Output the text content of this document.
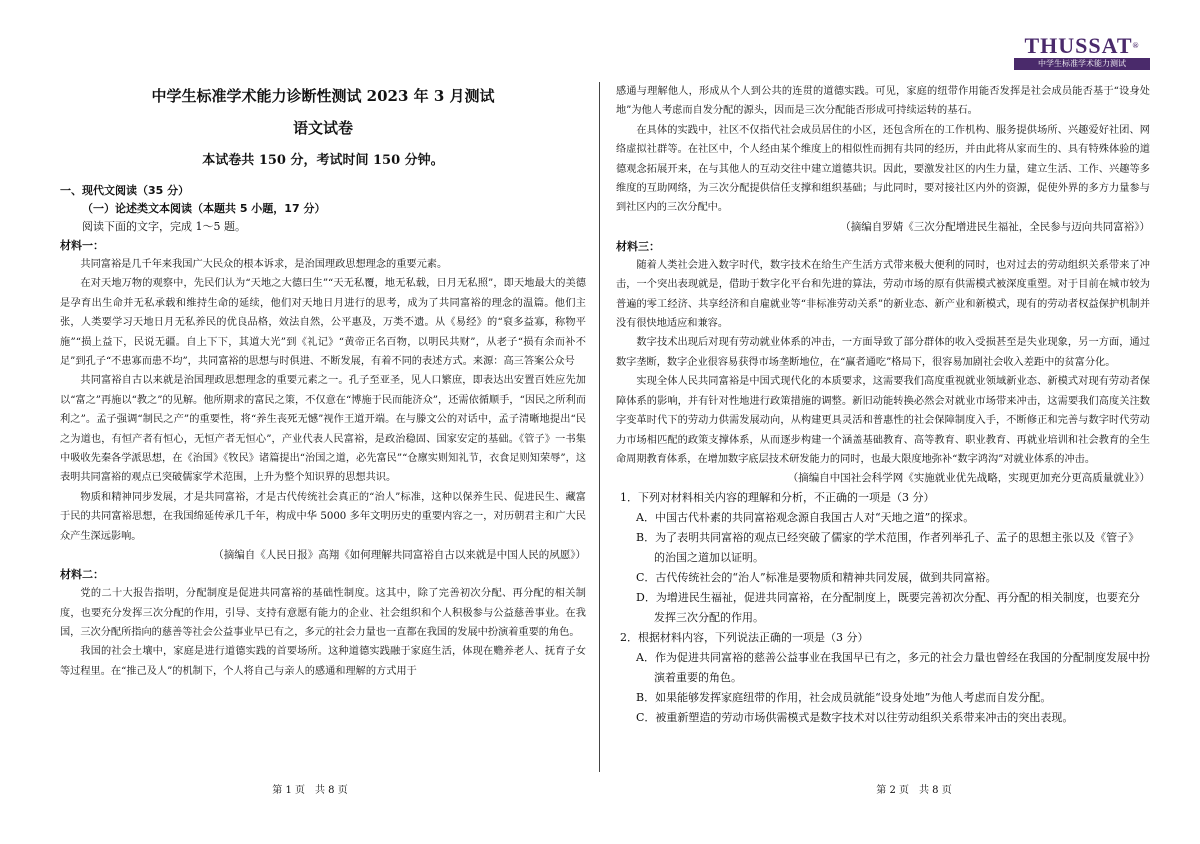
THUSSAT®
中学生标准学术能力测试

中学生标准学术能力诊断性测试 2023 年 3 月测试

语文试卷

本试卷共 150 分，考试时间 150 分钟。

一、现代文阅读（35 分）

（一）论述类文本阅读（本题共 5 小题，17 分）

阅读下面的文字，完成 1～5 题。

材料一：

共同富裕是几千年来我国广大民众的根本诉求，是治国理政思想理念的重要元素。

在对天地万物的观察中，先民们认为“天地之大德曰生”“天无私覆，地无私载，日月无私照”，即天地最大的美德是孕育出生命并无私承载和维持生命的延续，他们对天地日月进行的思考，成为了共同富裕的理念的温篇。他们主张，人类要学习天地日月无私养民的优良品格，效法自然，公平惠及，万类不遗。从《易经》的“裒多益寡，称物平施”“损上益下，民说无疆。自上下下，其道大光”到《礼记》“黄帝正名百物，以明民共财”，从老子“损有余而补不足”到孔子“不患寡而患不均”，共同富裕的思想与时俱进、不断发展，有着不同的表述方式。来源：高三答案公众号

共同富裕自古以来就是治国理政思想理念的重要元素之一。孔子至亚圣，见人口繁庶，即表达出安置百姓应先加以“富之”再施以“教之”的见解。他所期求的富民之策，不仅意在“博施于民而能济众”，还需依循顺手，“因民之所利而利之”。孟子强调“制民之产”的重要性，将“养生丧死无憾”视作王道开端。在与滕文公的对话中，孟子清晰地提出“民之为道也，有恒产者有恒心，无恒产者无恒心”，产业代表人民富裕，是政治稳固、国家安定的基础。《管子》一书集中吸收先秦各学派思想，在《治国》《牧民》诸篇提出“治国之道，必先富民”“仓廪实则知礼节，衣食足则知荣辱”，这表明共同富裕的观点已突破儒家学术范围，上升为整个知识界的思想共识。

物质和精神同步发展，才是共同富裕，才是古代传统社会真正的“治人”标准，这种以保养生民、促进民生、藏富于民的共同富裕思想，在我国绵延传承几千年，构成中华 5000 多年文明历史的重要内容之一，对历朝君主和广大民众产生深远影响。

（摘编自《人民日报》高翔《如何理解共同富裕自古以来就是中国人民的夙愿》）

材料二：

党的二十大报告指明，分配制度是促进共同富裕的基础性制度。这其中，除了完善初次分配、再分配的相关制度，也要充分发挥三次分配的作用，引导、支持有意愿有能力的企业、社会组织和个人积极参与公益慈善事业。在我国，三次分配所指向的慈善等社会公益事业早已有之，多元的社会力量也一直都在我国的发展中扮演着重要的角色。

我国的社会土壤中，家庭是进行道德实践的首要场所。这种道德实践融于家庭生活，体现在赡养老人、抚育子女等过程里。在“推己及人”的机制下，个人将自己与亲人的感通和理解的方式用于

感通与理解他人，形成从个人到公共的连贯的道德实践。可见，家庭的纽带作用能否发挥是社会成员能否基于“设身处地”为他人考虑而自发分配的源头，因而是三次分配能否形成可持续运转的基石。

在具体的实践中，社区不仅指代社会成员居住的小区，还包含所在的工作机构、服务提供场所、兴趣爱好社团、网络虚拟社群等。在社区中，个人经由某个维度上的相似性而拥有共同的经历，并由此将从家而生的、具有特殊体验的道德观念拓展开来，在与其他人的互动交往中建立道德共识。因此，要激发社区的内生力量，建立生活、工作、兴趣等多维度的互助网络，为三次分配提供信任支撑和组织基础；与此同时，要对接社区内外的资源，促使外界的多方力量参与到社区内的三次分配中。

（摘编自罗婧《三次分配增进民生福祉，全民参与迈向共同富裕》）

材料三：

随着人类社会进入数字时代，数字技术在给生产生活方式带来极大便利的同时，也对过去的劳动组织关系带来了冲击，一个突出表现就是，借助于数字化平台和先进的算法，劳动市场的原有供需模式被深度重塑。对于目前在城市较为普遍的零工经济、共享经济和自雇就业等“非标准劳动关系”的新业态、新产业和新模式，现有的劳动者权益保护机制并没有很快地适应和兼容。

数字技术出现后对现有劳动就业体系的冲击，一方面导致了部分群体的收入受损甚至是失业现象，另一方面，通过数字垄断，数字企业很容易获得市场垄断地位，在“赢者通吃”格局下，很容易加剧社会收入差距中的贫富分化。

实现全体人民共同富裕是中国式现代化的本质要求，这需要我们高度重视就业领域新业态、新模式对现有劳动者保障体系的影响，并有针对性地进行政策措施的调整。新旧动能转换必然会对就业市场带来冲击，这需要我们高度关注数字变革时代下的劳动力供需发展动向，从构建更具灵活和普惠性的社会保障制度入手，不断修正和完善与数字时代劳动力市场相匹配的政策支撑体系，从而逐步构建一个涵盖基础教育、高等教育、职业教育、再就业培训和社会教育的全生命周期教育体系，在增加数字底层技术研发能力的同时，也最大限度地弥补“数字鸿沟”对就业体系的冲击。

（摘编自中国社会科学网《实施就业优先战略，实现更加充分更高质量就业》）

1．下列对材料相关内容的理解和分析，不正确的一项是（3 分）

A．中国古代朴素的共同富裕观念源自我国古人对“天地之道”的探求。

B．为了表明共同富裕的观点已经突破了儒家的学术范围，作者列举孔子、孟子的思想主张以及《管子》的治国之道加以证明。

C．古代传统社会的“治人”标准是要物质和精神共同发展，做到共同富裕。

D．为增进民生福祉，促进共同富裕，在分配制度上，既要完善初次分配、再分配的相关制度，也要充分发挥三次分配的作用。

2．根据材料内容，下列说法正确的一项是（3 分）

A．作为促进共同富裕的慈善公益事业在我国早已有之，多元的社会力量也曾经在我国的分配制度发展中扮演着重要的角色。

B．如果能够发挥家庭纽带的作用，社会成员就能“设身处地”为他人考虑而自发分配。

C．被重新塑造的劳动市场供需模式是数字技术对以往劳动组织关系带来冲击的突出表现。

第 1 页　共 8 页	第 2 页　共 8 页
